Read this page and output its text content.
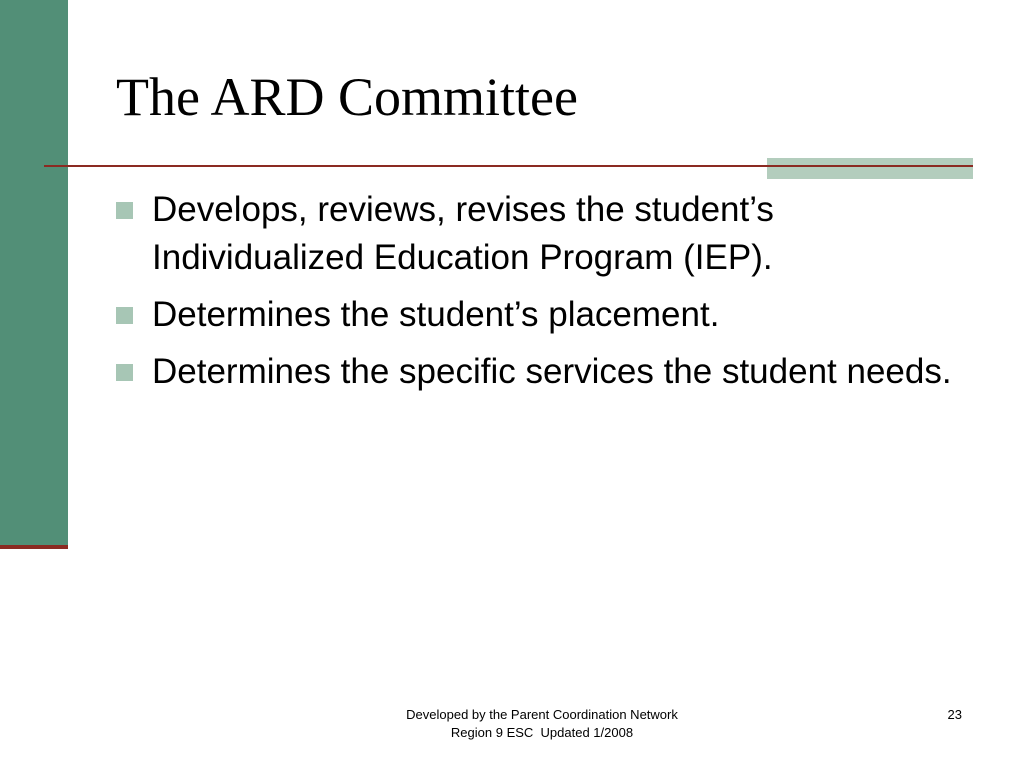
The ARD Committee
Develops, reviews, revises the student’s Individualized Education Program (IEP).
Determines the student’s placement.
Determines the specific services the student needs.
Developed by the Parent Coordination Network
Region 9 ESC  Updated 1/2008
23
